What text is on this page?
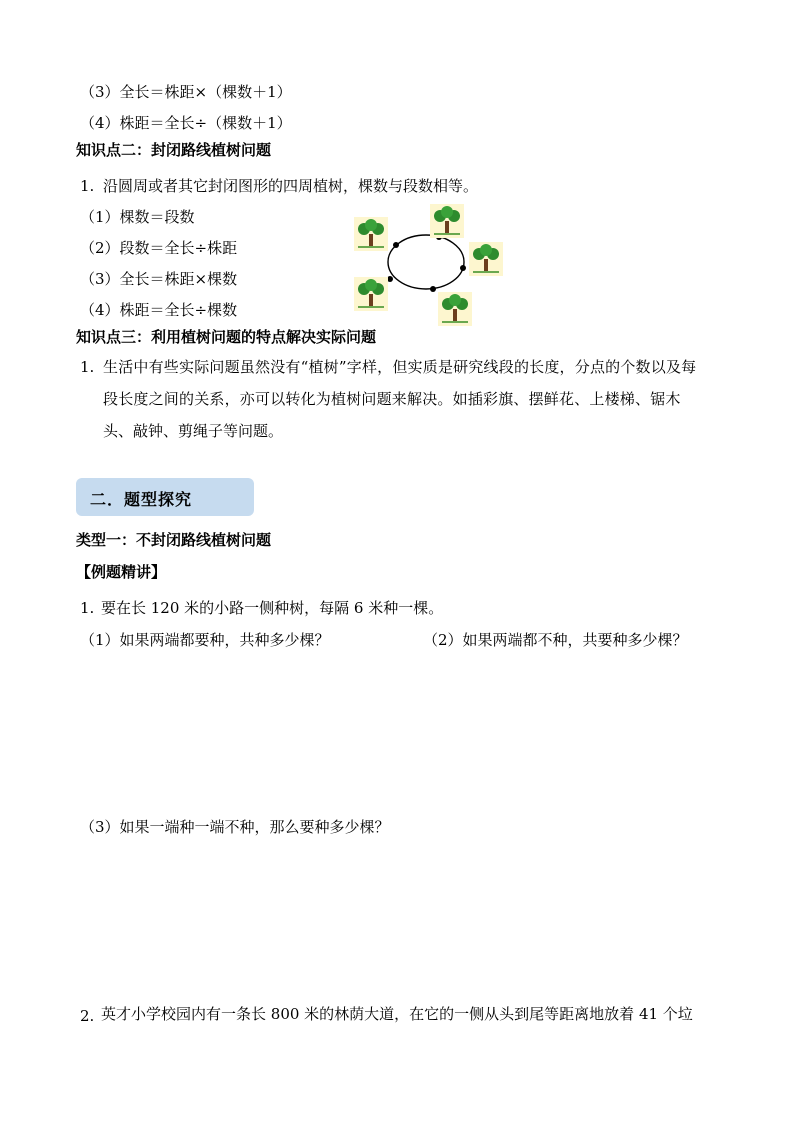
（3）全长＝株距×（棵数＋1）
（4）株距＝全长÷（棵数＋1）
知识点二：封闭路线植树问题
1. 沿圆周或者其它封闭图形的四周植树，棵数与段数相等。
（1）棵数＝段数
（2）段数＝全长÷株距
（3）全长＝株距×棵数
（4）株距＝全长÷棵数
知识点三：利用植树问题的特点解决实际问题
1. 生活中有些实际问题虽然没有“植树”字样，但实质是研究线段的长度，分点的个数以及每
段长度之间的关系，亦可以转化为植树问题来解决。如插彩旗、摆鲜花、上楼梯、锯木
头、敲钟、剪绳子等问题。
二．题型探究
类型一：不封闭路线植树问题
【例题精讲】
1. 要在长 120 米的小路一侧种树，每隔 6 米种一棵。
（1）如果两端都要种，共种多少棵？	（2）如果两端都不种，共要种多少棵？
（3）如果一端种一端不种，那么要种多少棵？
2. 英才小学校园内有一条长 800 米的林荫大道，在它的一侧从头到尾等距离地放着 41 个垃
